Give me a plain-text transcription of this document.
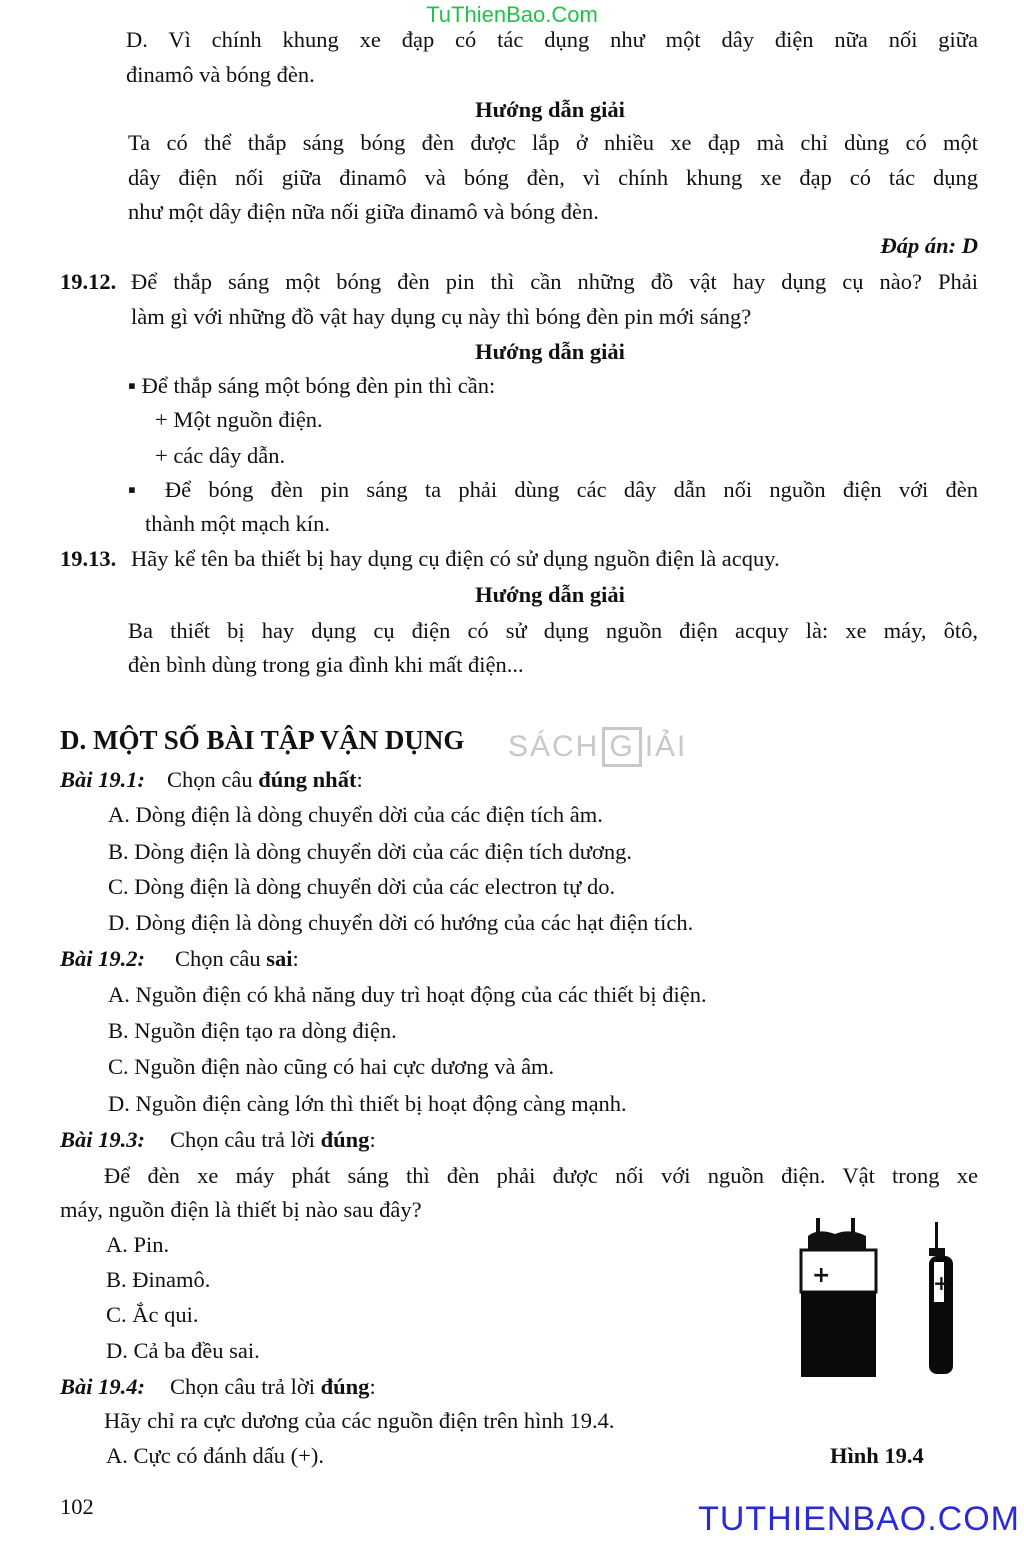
TuThienBao.Com
D. Vì chính khung xe đạp có tác dụng như một dây điện nữa nối giữa
đinamô và bóng đèn.
Hướng dẫn giải
Ta có thể thắp sáng bóng đèn được lắp ở nhiều xe đạp mà chỉ dùng có một
dây điện nối giữa đinamô và bóng đèn, vì chính khung xe đạp có tác dụng
như một dây điện nữa nối giữa đinamô và bóng đèn.
Đáp án: D
19.12. Để thắp sáng một bóng đèn pin thì cần những đồ vật hay dụng cụ nào? Phải
làm gì với những đồ vật hay dụng cụ này thì bóng đèn pin mới sáng?
Hướng dẫn giải
▪ Để thắp sáng một bóng đèn pin thì cần:
+ Một nguồn điện.
+ các dây dẫn.
▪ Để bóng đèn pin sáng ta phải dùng các dây dẫn nối nguồn điện với đèn
thành một mạch kín.
19.13. Hãy kể tên ba thiết bị hay dụng cụ điện có sử dụng nguồn điện là acquy.
Hướng dẫn giải
Ba thiết bị hay dụng cụ điện có sử dụng nguồn điện acquy là: xe máy, ôtô,
đèn bình dùng trong gia đình khi mất điện...
D. MỘT SỐ BÀI TẬP VẬN DỤNG SÁCH G IẢI
Bài 19.1: Chọn câu đúng nhất:
A. Dòng điện là dòng chuyển dời của các điện tích âm.
B. Dòng điện là dòng chuyển dời của các điện tích dương.
C. Dòng điện là dòng chuyển dời của các electron tự do.
D. Dòng điện là dòng chuyển dời có hướng của các hạt điện tích.
Bài 19.2: Chọn câu sai:
A. Nguồn điện có khả năng duy trì hoạt động của các thiết bị điện.
B. Nguồn điện tạo ra dòng điện.
C. Nguồn điện nào cũng có hai cực dương và âm.
D. Nguồn điện càng lớn thì thiết bị hoạt động càng mạnh.
Bài 19.3: Chọn câu trả lời đúng:
Để đèn xe máy phát sáng thì đèn phải được nối với nguồn điện. Vật trong xe
máy, nguồn điện là thiết bị nào sau đây?
A. Pin.
B. Đinamô.
C. Ắc qui.
D. Cả ba đều sai.
Bài 19.4: Chọn câu trả lời đúng:
Hãy chỉ ra cực dương của các nguồn điện trên hình 19.4.
A. Cực có đánh dấu (+).
+	+
Hình 19.4
102	TUTHIENBAO.COM
